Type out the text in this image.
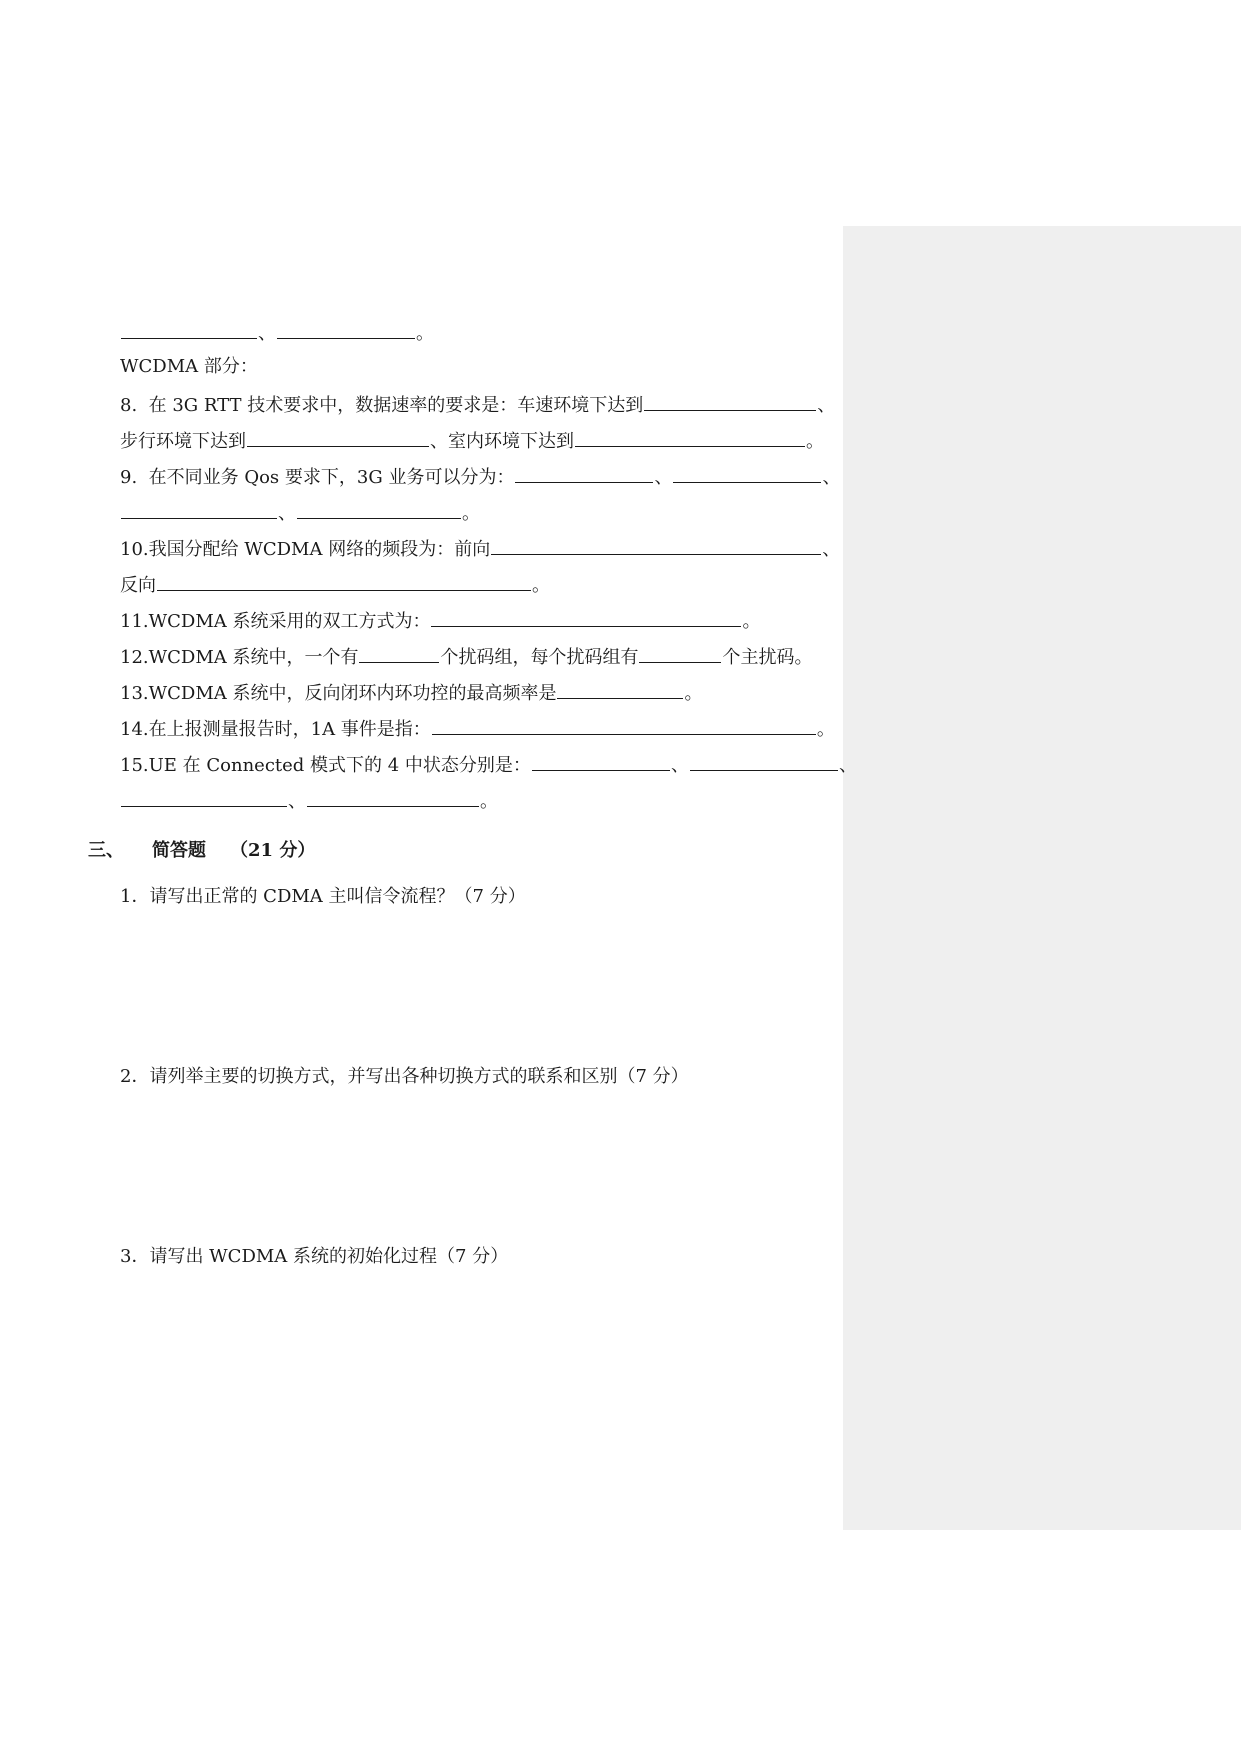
、	。
WCDMA 部分：
8.  在 3G RTT 技术要求中，数据速率的要求是：车速环境下达到	、
步行环境下达到	、室内环境下达到	。
9.  在不同业务 Qos 要求下，3G 业务可以分为：	、	、
、	。
10.我国分配给 WCDMA 网络的频段为：前向	、
反向	。
11.WCDMA 系统采用的双工方式为：	。
12.WCDMA 系统中，一个有	个扰码组，每个扰码组有	个主扰码。
13.WCDMA 系统中，反向闭环内环功控的最高频率是	。
14.在上报测量报告时，1A 事件是指：	。
15.UE 在 Connected 模式下的 4 中状态分别是：	、	、
、	。
三、 简答题 （21 分）
1．请写出正常的 CDMA 主叫信令流程？（7 分）
2．请列举主要的切换方式，并写出各种切换方式的联系和区别（7 分）
3．请写出 WCDMA 系统的初始化过程（7 分）
